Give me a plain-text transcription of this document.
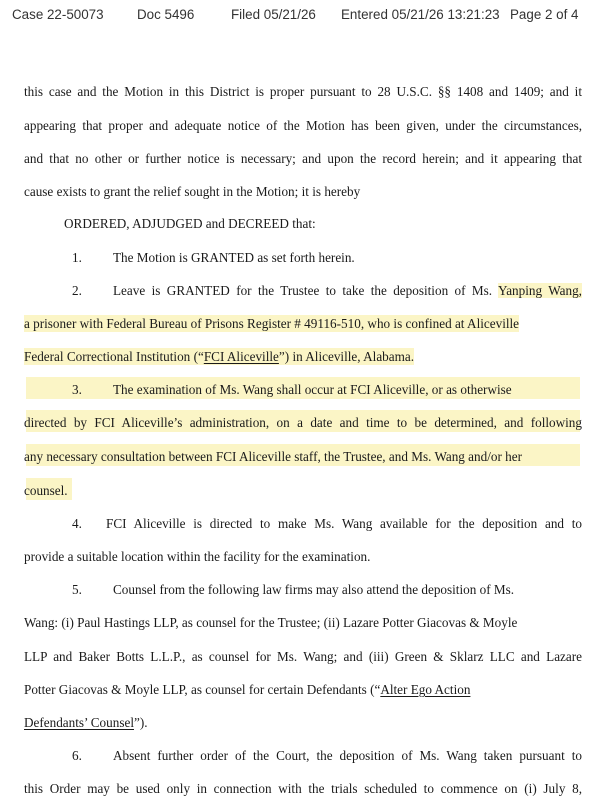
Case 22-50073 Doc 5496	Filed 05/21/26 Entered 05/21/26 13:21:23 Page 2 of 4
this case and the Motion in this District is proper pursuant to 28 U.S.C. §§ 1408 and 1409; and it
appearing that proper and adequate notice of the Motion has been given, under the circumstances,
and that no other or further notice is necessary; and upon the record herein; and it appearing that
cause exists to grant the relief sought in the Motion; it is hereby
ORDERED, ADJUDGED and DECREED that:
1. The Motion is GRANTED as set forth herein.
2. Leave is GRANTED for the Trustee to take the deposition of Ms. Yanping Wang,
a prisoner with Federal Bureau of Prisons Register # 49116-510, who is confined at Aliceville
Federal Correctional Institution (“FCI Aliceville”) in Aliceville, Alabama.
3. The examination of Ms. Wang shall occur at FCI Aliceville, or as otherwise
directed by FCI Aliceville’s administration, on a date and time to be determined, and following
any necessary consultation between FCI Aliceville staff, the Trustee, and Ms. Wang and/or her
counsel.
4. FCI Aliceville is directed to make Ms. Wang available for the deposition and to
provide a suitable location within the facility for the examination.
5. Counsel from the following law firms may also attend the deposition of Ms.
Wang: (i) Paul Hastings LLP, as counsel for the Trustee; (ii) Lazare Potter Giacovas & Moyle
LLP and Baker Botts L.L.P., as counsel for Ms. Wang; and (iii) Green & Sklarz LLC and Lazare
Potter Giacovas & Moyle LLP, as counsel for certain Defendants (“Alter Ego Action
Defendants’ Counsel”).
6. Absent further order of the Court, the deposition of Ms. Wang taken pursuant to
this Order may be used only in connection with the trials scheduled to commence on (i) July 8,
